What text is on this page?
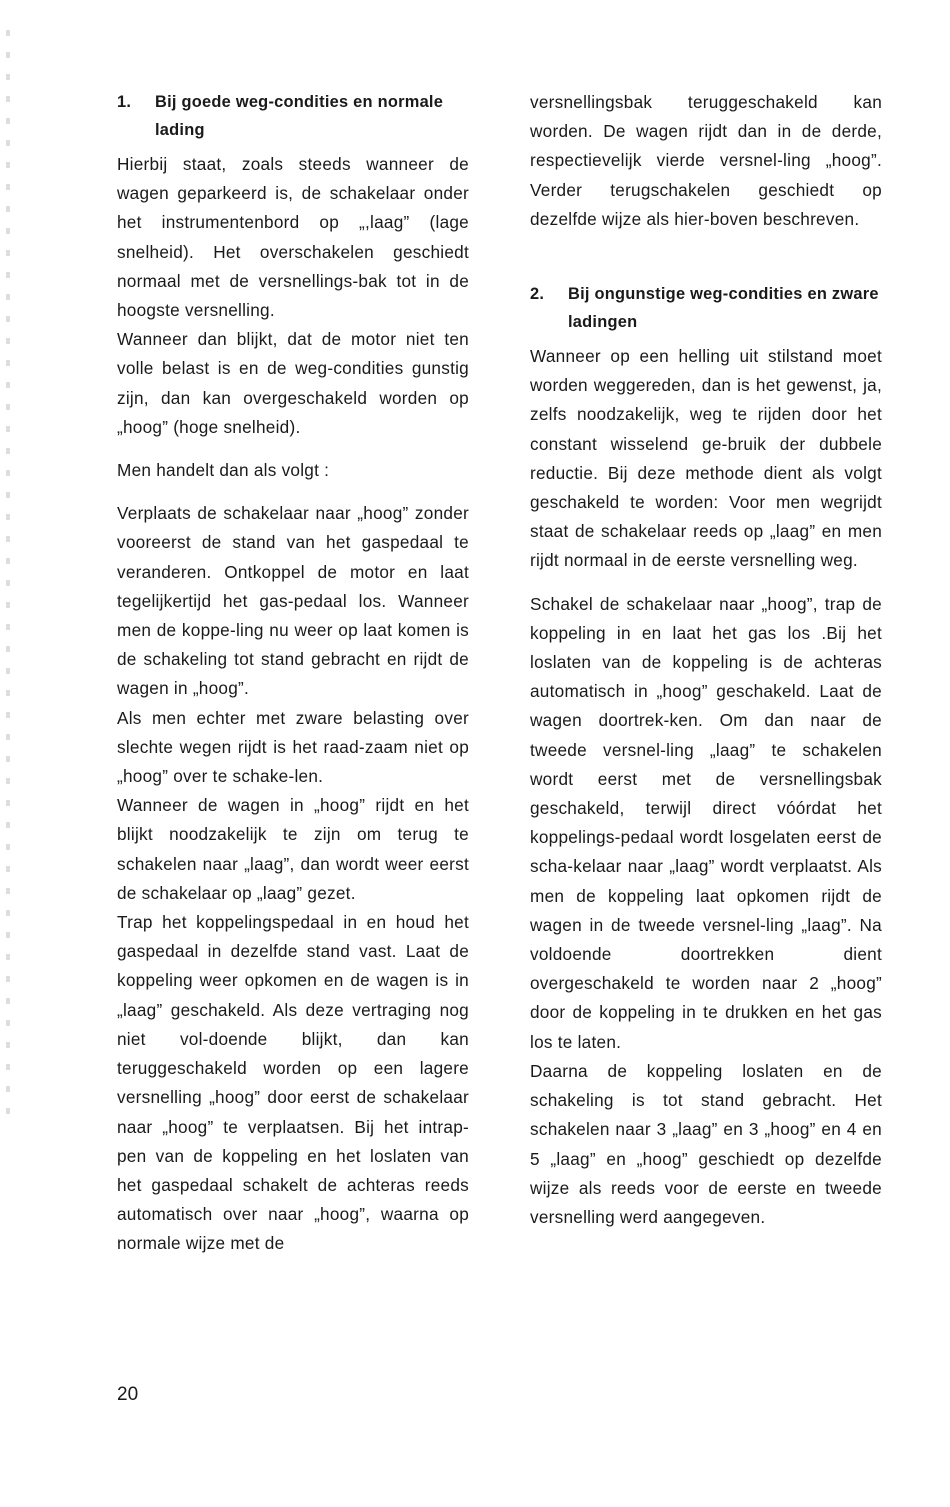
1.	Bij goede weg-condities en normale lading

Hierbij staat, zoals steeds wanneer de wagen geparkeerd is, de schakelaar onder het instrumentenbord op „,laag” (lage snelheid). Het overschakelen geschiedt normaal met de versnellings-bak tot in de hoogste versnelling.

Wanneer dan blijkt, dat de motor niet ten volle belast is en de weg-condities gunstig zijn, dan kan overgeschakeld worden op „hoog” (hoge snelheid).

Men handelt dan als volgt :

Verplaats de schakelaar naar „hoog” zonder vooreerst de stand van het gaspedaal te veranderen. Ontkoppel de motor en laat tegelijkertijd het gas-pedaal los. Wanneer men de koppe-ling nu weer op laat komen is de schakeling tot stand gebracht en rijdt de wagen in „hoog”.

Als men echter met zware belasting over slechte wegen rijdt is het raad-zaam niet op „hoog” over te schake-len.

Wanneer de wagen in „hoog” rijdt en het blijkt noodzakelijk te zijn om terug te schakelen naar „laag”, dan wordt weer eerst de schakelaar op „laag” gezet.

Trap het koppelingspedaal in en houd het gaspedaal in dezelfde stand vast. Laat de koppeling weer opkomen en de wagen is in „laag” geschakeld. Als deze vertraging nog niet vol-doende blijkt, dan kan teruggeschakeld worden op een lagere versnelling „hoog” door eerst de schakelaar naar „hoog” te verplaatsen. Bij het intrap-pen van de koppeling en het loslaten van het gaspedaal schakelt de achteras reeds automatisch over naar „hoog”, waarna op normale wijze met de

versnellingsbak teruggeschakeld kan worden. De wagen rijdt dan in de derde, respectievelijk vierde versnel-ling „hoog”. Verder terugschakelen geschiedt op dezelfde wijze als hier-boven beschreven.

2.	Bij ongunstige weg-condities en zware ladingen

Wanneer op een helling uit stilstand moet worden weggereden, dan is het gewenst, ja, zelfs noodzakelijk, weg te rijden door het constant wisselend ge-bruik der dubbele reductie. Bij deze methode dient als volgt geschakeld te worden: Voor men wegrijdt staat de schakelaar reeds op „laag” en men rijdt normaal in de eerste versnelling weg.

Schakel de schakelaar naar „hoog”, trap de koppeling in en laat het gas los .Bij het loslaten van de koppeling is de achteras automatisch in „hoog” geschakeld. Laat de wagen doortrek-ken. Om dan naar de tweede versnel-ling „laag” te schakelen wordt eerst met de versnellingsbak geschakeld, terwijl direct vóórdat het koppelings-pedaal wordt losgelaten eerst de scha-kelaar naar „laag” wordt verplaatst. Als men de koppeling laat opkomen rijdt de wagen in de tweede versnel-ling „laag”. Na voldoende doortrekken dient overgeschakeld te worden naar 2 „hoog” door de koppeling in te drukken en het gas los te laten.

Daarna de koppeling loslaten en de schakeling is tot stand gebracht. Het schakelen naar 3 „laag” en 3 „hoog” en 4 en 5 „laag” en „hoog” geschiedt op dezelfde wijze als reeds voor de eerste en tweede versnelling werd aangegeven.

20
